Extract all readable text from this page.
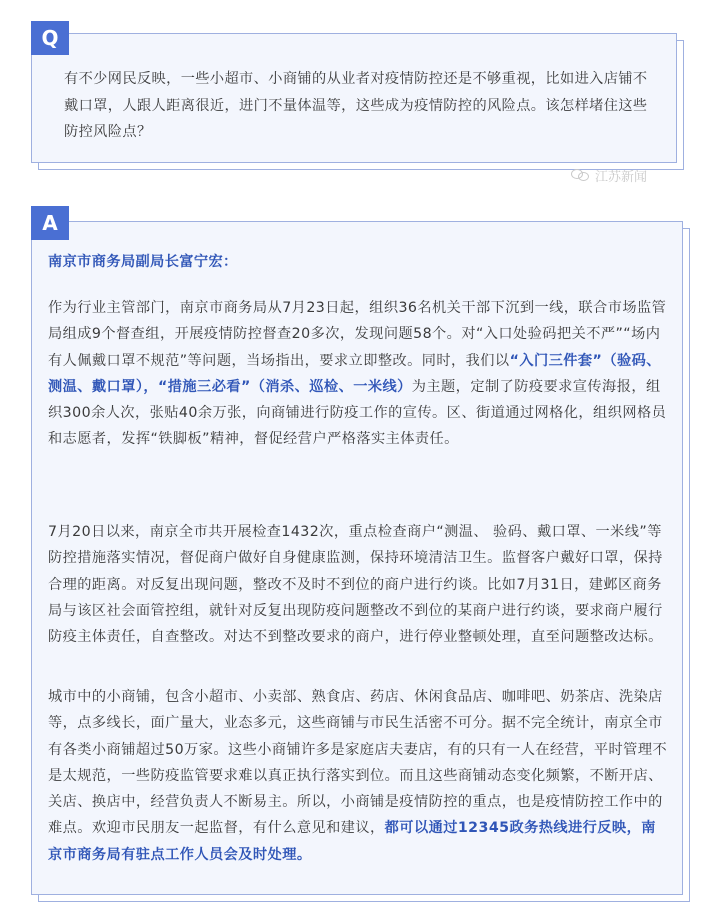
Q
有不少网民反映，一些小超市、小商铺的从业者对疫情防控还是不够重视，比如进入店铺不戴口罩，人跟人距离很近，进门不量体温等，这些成为疫情防控的风险点。该怎样堵住这些防控风险点？
江苏新闻
A
南京市商务局副局长富宁宏：

作为行业主管部门，南京市商务局从7月23日起，组织36名机关干部下沉到一线，联合市场监管局组成9个督查组，开展疫情防控督查20多次，发现问题58个。对“入口处验码把关不严”“场内有人佩戴口罩不规范”等问题，当场指出，要求立即整改。同时，我们以“入门三件套”（验码、测温、戴口罩），“措施三必看”（消杀、巡检、一米线）为主题，定制了防疫要求宣传海报，组织300余人次，张贴40余万张，向商铺进行防疫工作的宣传。区、街道通过网格化，组织网格员和志愿者，发挥“铁脚板”精神，督促经营户严格落实主体责任。

7月20日以来，南京全市共开展检查1432次，重点检查商户“测温、 验码、戴口罩、一米线”等防控措施落实情况，督促商户做好自身健康监测，保持环境清洁卫生。监督客户戴好口罩，保持合理的距离。对反复出现问题，整改不及时不到位的商户进行约谈。比如7月31日，建邺区商务局与该区社会面管控组，就针对反复出现防疫问题整改不到位的某商户进行约谈，要求商户履行防疫主体责任，自查整改。对达不到整改要求的商户，进行停业整顿处理，直至问题整改达标。

城市中的小商铺，包含小超市、小卖部、熟食店、药店、休闲食品店、咖啡吧、奶茶店、洗染店等，点多线长，面广量大，业态多元，这些商铺与市民生活密不可分。据不完全统计，南京全市有各类小商铺超过50万家。这些小商铺许多是家庭店夫妻店，有的只有一人在经营，平时管理不是太规范，一些防疫监管要求难以真正执行落实到位。而且这些商铺动态变化频繁，不断开店、关店、换店中，经营负责人不断易主。所以，小商铺是疫情防控的重点，也是疫情防控工作中的难点。欢迎市民朋友一起监督，有什么意见和建议，都可以通过12345政务热线进行反映，南京市商务局有驻点工作人员会及时处理。
